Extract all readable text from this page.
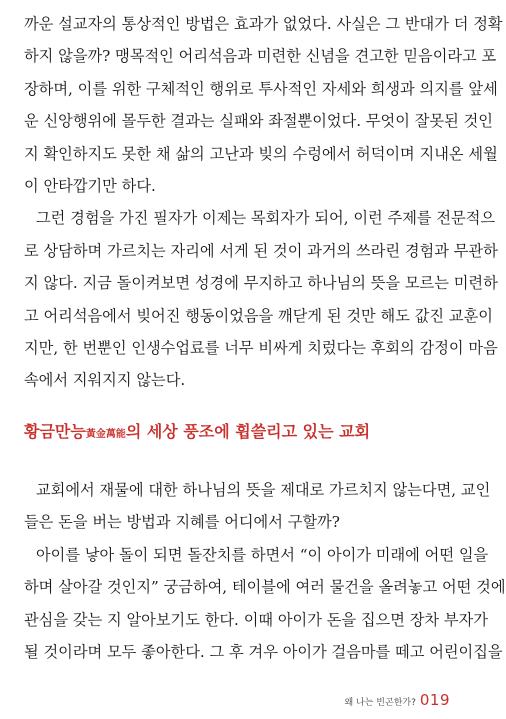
까운 설교자의 통상적인 방법은 효과가 없었다. 사실은 그 반대가 더 정확
하지 않을까? 맹목적인 어리석음과 미련한 신념을 견고한 믿음이라고 포
장하며, 이를 위한 구체적인 행위로 투사적인 자세와 희생과 의지를 앞세
운 신앙행위에 몰두한 결과는 실패와 좌절뿐이었다. 무엇이 잘못된 것인
지 확인하지도 못한 채 삶의 고난과 빚의 수렁에서 허덕이며 지내온 세월
이 안타깝기만 하다.
그런 경험을 가진 필자가 이제는 목회자가 되어, 이런 주제를 전문적으
로 상담하며 가르치는 자리에 서게 된 것이 과거의 쓰라린 경험과 무관하
지 않다. 지금 돌이켜보면 성경에 무지하고 하나님의 뜻을 모르는 미련하
고 어리석음에서 빚어진 행동이었음을 깨닫게 된 것만 해도 값진 교훈이
지만, 한 번뿐인 인생수업료를 너무 비싸게 치렀다는 후회의 감정이 마음
속에서 지워지지 않는다.
황금만능黃金萬能의 세상 풍조에 휩쓸리고 있는 교회
교회에서 재물에 대한 하나님의 뜻을 제대로 가르치지 않는다면, 교인
들은 돈을 버는 방법과 지혜를 어디에서 구할까?
아이를 낳아 돌이 되면 돌잔치를 하면서 “이 아이가 미래에 어떤 일을
하며 살아갈 것인지” 궁금하여, 테이블에 여러 물건을 올려놓고 어떤 것에
관심을 갖는 지 알아보기도 한다. 이때 아이가 돈을 집으면 장차 부자가
될 것이라며 모두 좋아한다. 그 후 겨우 아이가 걸음마를 떼고 어린이집을
왜 나는 빈곤한가? 019
